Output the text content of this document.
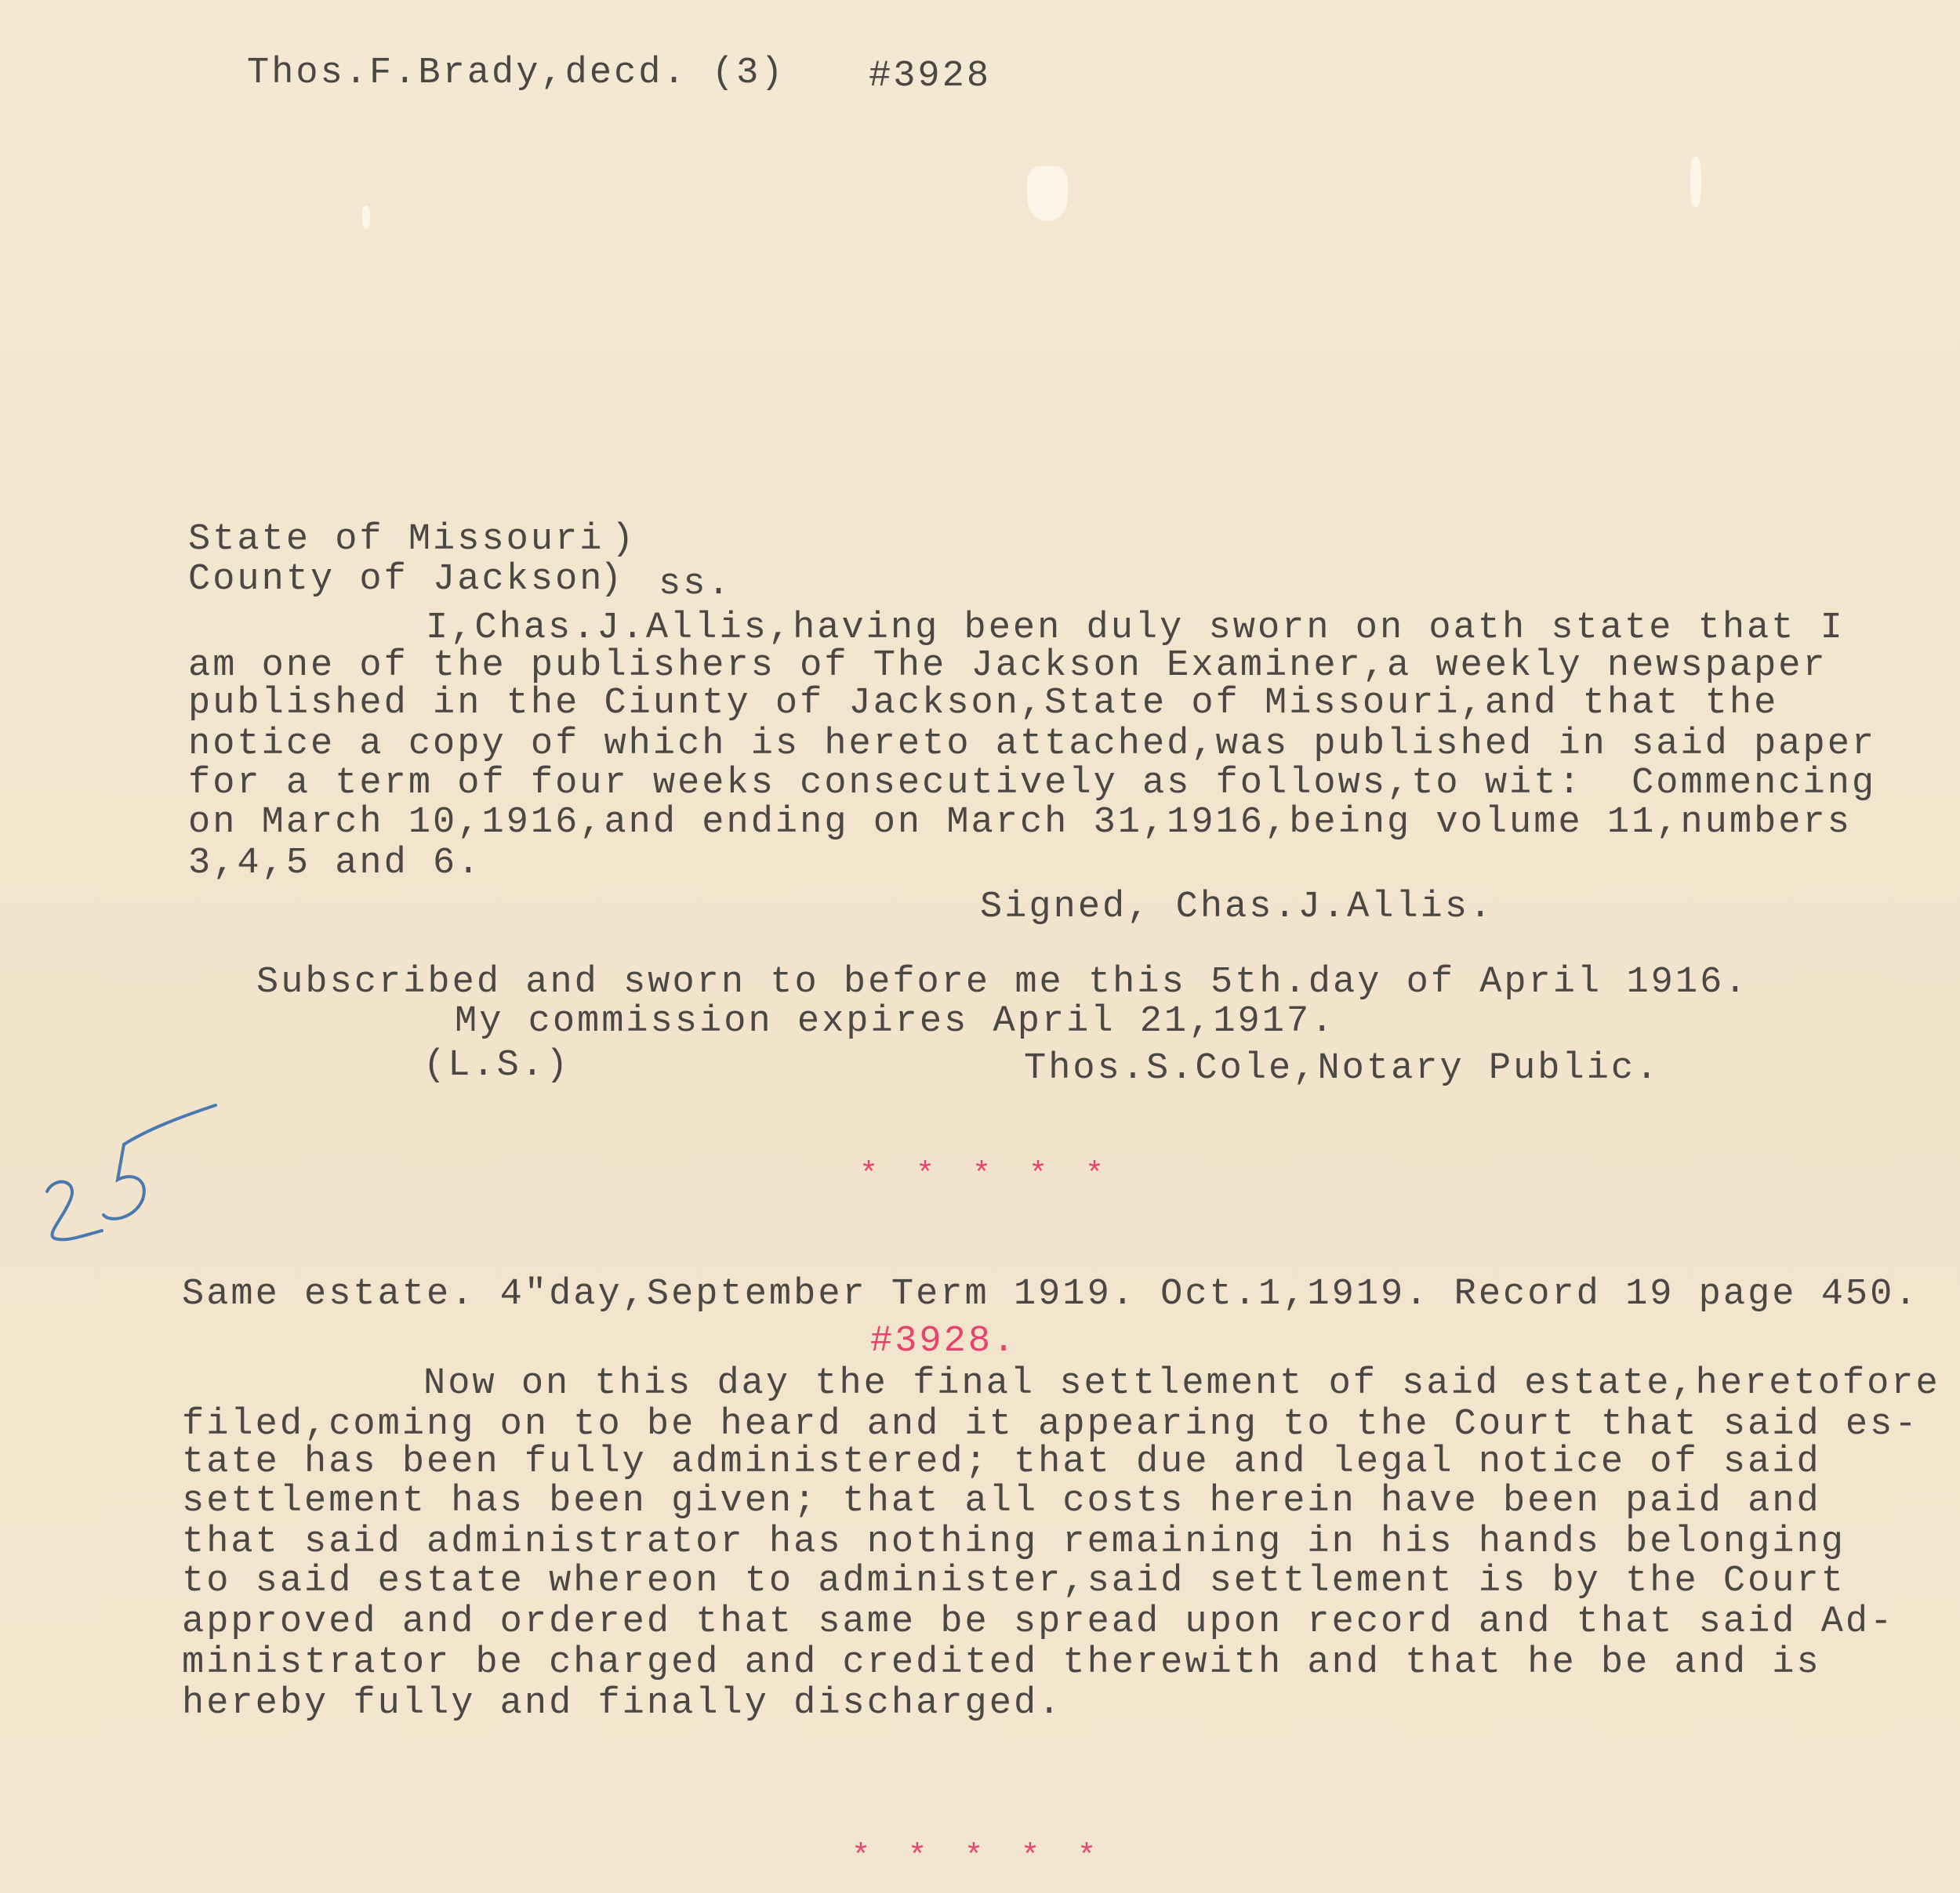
Thos.F.Brady,decd. (3) #3928
State of Missouri )
County of Jackson
) ss.
I,Chas.J.Allis,having been duly sworn on oath state that I
am one of the publishers of The Jackson Examiner,a weekly newspaper
published in the Ciunty of Jackson,State of Missouri,and that the
notice a copy of which is hereto attached,was published in said paper
for a term of four weeks consecutively as follows,to wit:  Commencing
on March 10,1916,and ending on March 31,1916,being volume 11,numbers
3,4,5 and 6.
Signed, Chas.J.Allis.
Subscribed and sworn to before me this 5th.day of April 1916.
My commission expires April 21,1917.
(L.S.)	Thos.S.Cole,Notary Public.
25
* * * * *
Same estate. 4"day,September Term 1919. Oct.1,1919. Record 19 page 450.
#3928.
Now on this day the final settlement of said estate,heretofore
filed,coming on to be heard and it appearing to the Court that said es-
tate has been fully administered; that due and legal notice of said
settlement has been given; that all costs herein have been paid and
that said administrator has nothing remaining in his hands belonging
to said estate whereon to administer,said settlement is by the Court
approved and ordered that same be spread upon record and that said Ad-
ministrator be charged and credited therewith and that he be and is
hereby fully and finally discharged.
* * * * *
